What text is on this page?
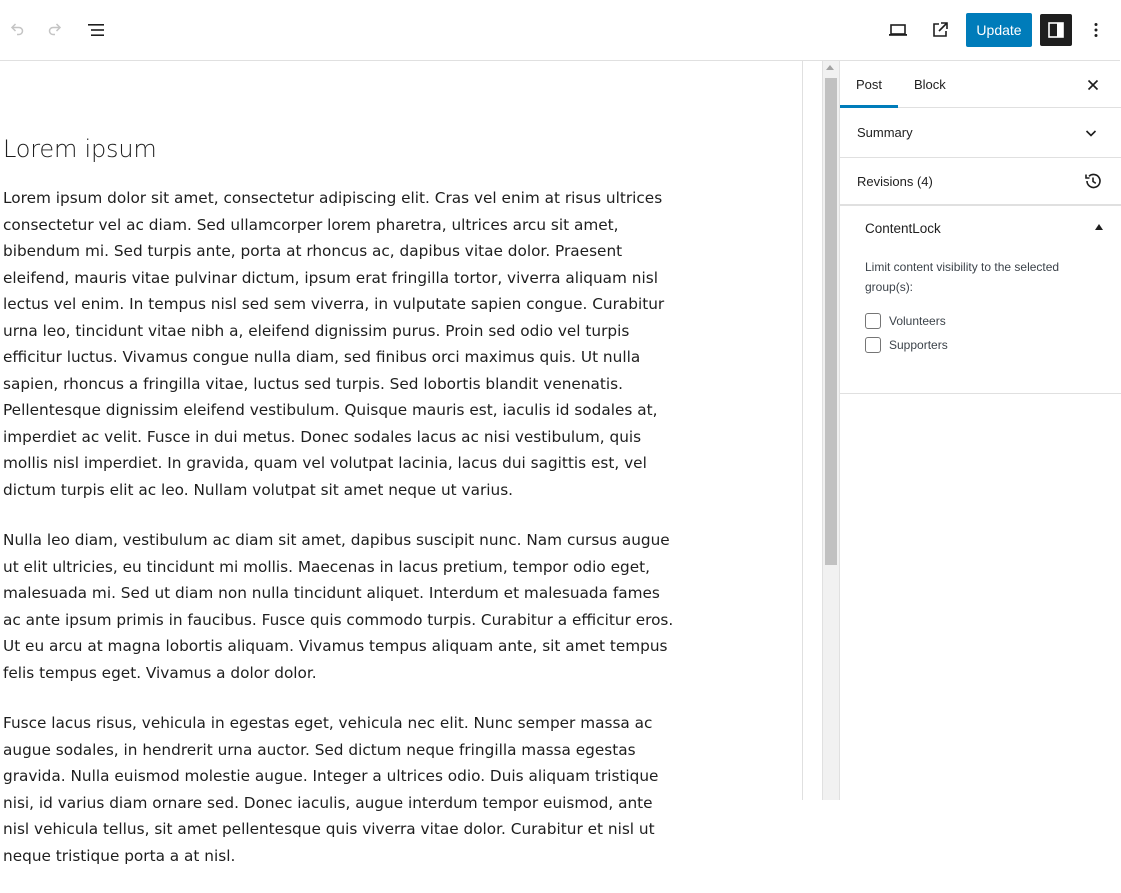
Update
Lorem ipsum

Lorem ipsum dolor sit amet, consectetur adipiscing elit. Cras vel enim at risus ultrices consectetur vel ac diam. Sed ullamcorper lorem pharetra, ultrices arcu sit amet, bibendum mi. Sed turpis ante, porta at rhoncus ac, dapibus vitae dolor. Praesent eleifend, mauris vitae pulvinar dictum, ipsum erat fringilla tortor, viverra aliquam nisl lectus vel enim. In tempus nisl sed sem viverra, in vulputate sapien congue. Curabitur urna leo, tincidunt vitae nibh a, eleifend dignissim purus. Proin sed odio vel turpis efficitur luctus. Vivamus congue nulla diam, sed finibus orci maximus quis. Ut nulla sapien, rhoncus a fringilla vitae, luctus sed turpis. Sed lobortis blandit venenatis. Pellentesque dignissim eleifend vestibulum. Quisque mauris est, iaculis id sodales at, imperdiet ac velit. Fusce in dui metus. Donec sodales lacus ac nisi vestibulum, quis mollis nisl imperdiet. In gravida, quam vel volutpat lacinia, lacus dui sagittis est, vel dictum turpis elit ac leo. Nullam volutpat sit amet neque ut varius.

Nulla leo diam, vestibulum ac diam sit amet, dapibus suscipit nunc. Nam cursus augue ut elit ultricies, eu tincidunt mi mollis. Maecenas in lacus pretium, tempor odio eget, malesuada mi. Sed ut diam non nulla tincidunt aliquet. Interdum et malesuada fames ac ante ipsum primis in faucibus. Fusce quis commodo turpis. Curabitur a efficitur eros. Ut eu arcu at magna lobortis aliquam. Vivamus tempus aliquam ante, sit amet tempus felis tempus eget. Vivamus a dolor dolor.

Fusce lacus risus, vehicula in egestas eget, vehicula nec elit. Nunc semper massa ac augue sodales, in hendrerit urna auctor. Sed dictum neque fringilla massa egestas gravida. Nulla euismod molestie augue. Integer a ultrices odio. Duis aliquam tristique nisi, id varius diam ornare sed. Donec iaculis, augue interdum tempor euismod, ante nisl vehicula tellus, sit amet pellentesque quis viverra vitae dolor. Curabitur et nisl ut neque tristique porta a at nisl.

Post Block
Summary
Revisions (4)
ContentLock
Limit content visibility to the selected group(s):
Volunteers
Supporters
